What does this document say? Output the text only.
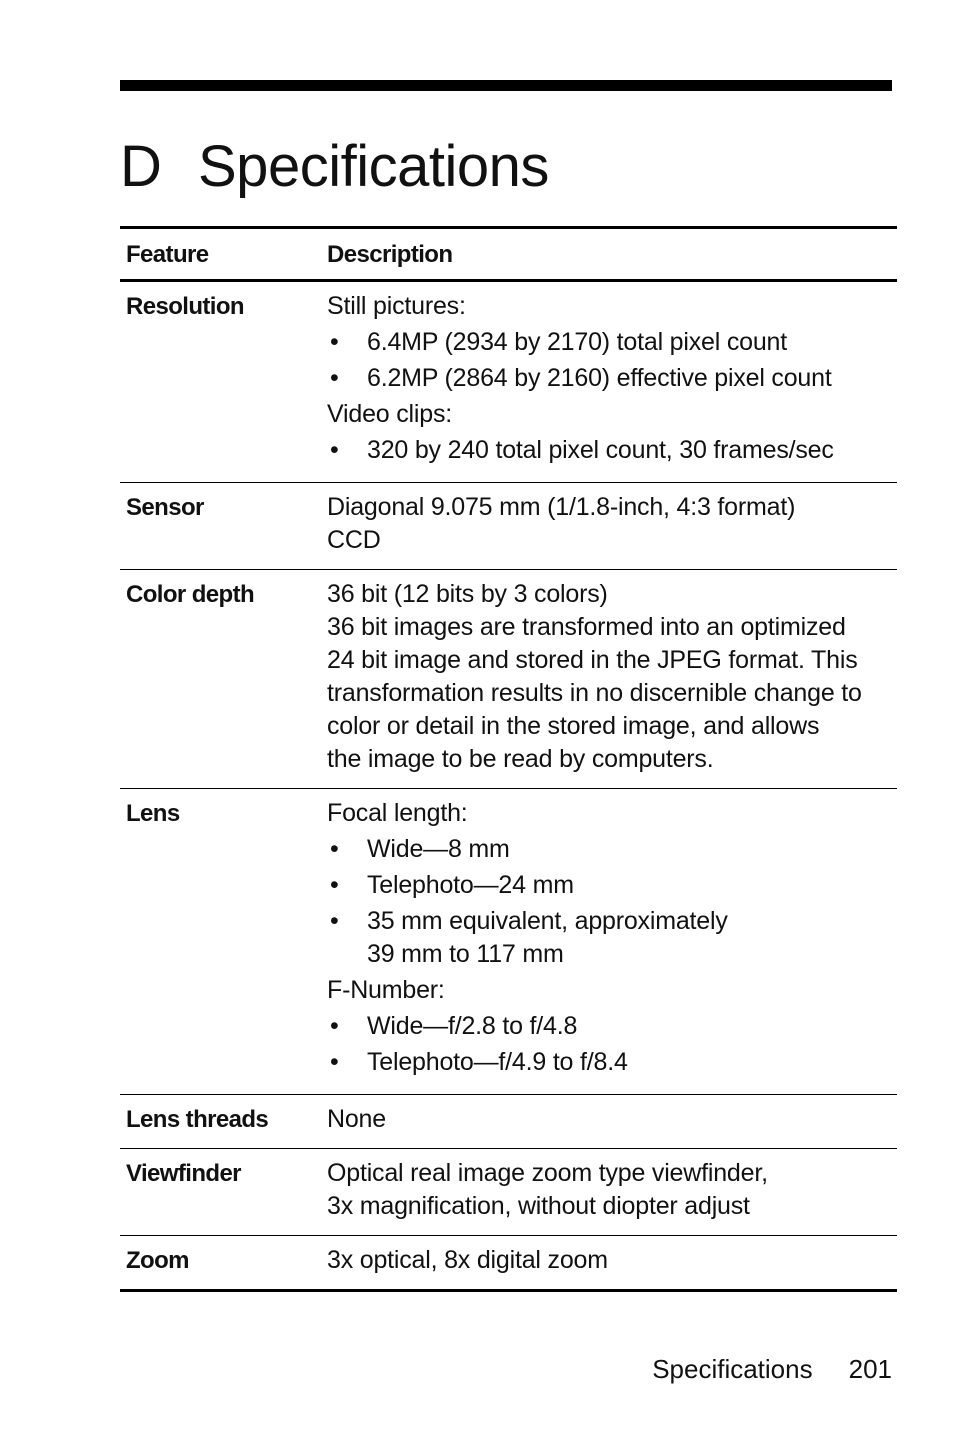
D Specifications
Feature	Description
Resolution	Still pictures:
•	6.4MP (2934 by 2170) total pixel count
•	6.2MP (2864 by 2160) effective pixel count
Video clips:
•	320 by 240 total pixel count, 30 frames/sec
Sensor	Diagonal 9.075 mm (1/1.8-inch, 4:3 format)
CCD
Color depth	36 bit (12 bits by 3 colors)
36 bit images are transformed into an optimized
24 bit image and stored in the JPEG format. This
transformation results in no discernible change to
color or detail in the stored image, and allows
the image to be read by computers.
Lens	Focal length:
•	Wide—8 mm
•	Telephoto—24 mm
•	35 mm equivalent, approximately
39 mm to 117 mm
F-Number:
•	Wide—f/2.8 to f/4.8
•	Telephoto—f/4.9 to f/8.4
Lens threads	None
Viewfinder	Optical real image zoom type viewfinder,
3x magnification, without diopter adjust
Zoom	3x optical, 8x digital zoom
Specifications 201
